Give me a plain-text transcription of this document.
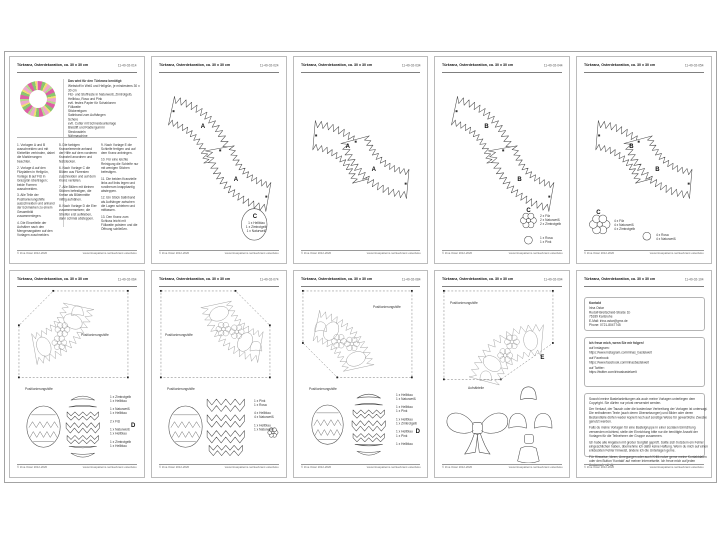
Türkranz, Osterdekoration, ca. 30 x 30 cm	11-40-02-014
Das wird für den Türkranz benötigt:
Webstoff in Weiß und Hellgrün, je mindestens 30 x 30 cm
Filz- und Stoffreste in Naturweiß, Zimtrotgelb, Hellblau, Rosa und Pink
evtl. festes Papier für Schablonen
Füllwatte
Stickereigarn
Satinband zum Aufhängen
Schere
evtl. Cutter mit Schneideunterlage
Bleistift und Radiergummi
Stecknadeln
Nähmaschine

1. Vorlagen A und B ausschneiden und mit Klebefilm verbinden, dabei die Markierungen beachten.

2. Vorlage A auf den Filzplatten in Hellgrün, Vorlage B auf Filz in Grasgrün übertragen; beide Formen ausschneiden.

3. Alle Teile der Positionierungshilfe ausschneiden und anhand der Eckmarken zu einem Gesamtbild zusammenlegen.

4. Die Einzelteile der Aufnäher nach den Mengenangaben auf den Vorlagen zuschneiden.

5. Die farbigen Kranzelemente anhand der Hilfe auf dem vorderen Kranzteil anordnen und feststecken.

6. Nach Vorlage C die Blüten aus Filzresten zuschneiden und auf dem Kranz verteilen.

7. Alle Blüten mit kleinen Stichen befestigen, die Kreise als Blütenmitte mittig aufnähen.

8. Nach Vorlage D die Eier zusammensetzen; die Streifen erst aufkleben, dann schmal absteppen.

9. Nach Vorlage E die Schleife fertigen und auf dem Kranz anbringen.

10. Für eine leichte Reinigung die Schleife nur mit wenigen Stichen befestigen.

11. Die beiden Kranzteile links auf links legen und rundherum knappkantig absteppen.

12. Ein Stück Satinband als Aufhänger zwischen die Lagen schieben und mitfassen.

13. Den Kranz zum Schluss leicht mit Füllwatte polstern und die Öffnung schließen.

© Irina Ostar 2012-2020	www.irinaspatterns.net/tuerkranz-osterdeko
Türkranz, Osterdekoration, ca. 30 x 30 cm	11-40-02-024
A
A
C
1 x Hellblau
1 x Zimtrotgelb
1 x Naturweiß
© Irina Ostar 2012-2020	www.irinaspatterns.net/tuerkranz-osterdeko
Türkranz, Osterdekoration, ca. 30 x 30 cm	11-40-02-034
A
A
© Irina Ostar 2012-2020	www.irinaspatterns.net/tuerkranz-osterdeko
Türkranz, Osterdekoration, ca. 30 x 30 cm	11-40-02-044
B
B
C
2 x Filz
2 x Naturweiß
2 x Zimtrotgelb
1 x Rosa
1 x Pink
© Irina Ostar 2012-2020	www.irinaspatterns.net/tuerkranz-osterdeko
Türkranz, Osterdekoration, ca. 30 x 30 cm	11-40-02-054
B
B
C
4 x Filz
4 x Naturweiß
4 x Zimtrotgelb
4 x Rosa
4 x Naturweiß
© Irina Ostar 2012-2020	www.irinaspatterns.net/tuerkranz-osterdeko
Türkranz, Osterdekoration, ca. 30 x 30 cm	11-40-02-064
Positionierungshilfe
Positionierungshilfe
1 x Zimtrotgelb
1 x Hellblau
1 x Naturweiß
1 x Hellblau
2 x Filz
1 x Naturweiß
1 x Hellblau
1 x Zimtrotgelb
1 x Hellblau
D
© Irina Ostar 2012-2020	www.irinaspatterns.net/tuerkranz-osterdeko
Türkranz, Osterdekoration, ca. 30 x 30 cm	11-40-02-074
Positionierungshilfe
Positionierungshilfe
1 x Pink
1 x Rosa
4 x Hellblau
4 x Naturweiß
1 x Hellblau
1 x Naturweiß
© Irina Ostar 2012-2020	www.irinaspatterns.net/tuerkranz-osterdeko
Türkranz, Osterdekoration, ca. 30 x 30 cm	11-40-02-084
Positionierungshilfe
Positionierungshilfe
1 x Hellblau
1 x Naturweiß
1 x Hellblau
1 x Pink
1 x Hellblau
1 x Zimtrotgelb
1 x Hellblau
1 x Pink
1 x Hellblau
D
© Irina Ostar 2012-2020	www.irinaspatterns.net/tuerkranz-osterdeko
Türkranz, Osterdekoration, ca. 30 x 30 cm	11-40-02-094
Positionierungshilfe
Aufnähteile
E
© Irina Ostar 2012-2020	www.irinaspatterns.net/tuerkranz-osterdeko
Türkranz, Osterdekoration, ca. 30 x 30 cm	11-40-02-104
Kontakt
Irina Ostar
Rudolf-Breitscheid-Straße 1b
76189 Karlsruhe
E-Mail: irina.ostar@gmx.de
Phone: 0721-8047745
Ich freue mich, wenn Sie mir folgen!
auf Instagram:
https://www.instagram.com/irinas_bastelwelt
auf Facebook:
https://www.facebook.com/irinasbastelwelt
auf Twitter:
https://twitter.com/irinasbastelwelt

Sowohl meine Bastelanleitungen als auch meine Vorlagen unterliegen dem Copyright. Sie dürfen nur privat verwendet werden.

Der Verkauf, der Tausch oder die kostenlose Verbreitung der Vorlagen ist untersagt. Die enthaltenen Texte (auch deren Übersetzungen) und Bilder oder deren Bestandteile dürfen weder kopiert noch auf sonstige Weise für gewerbliche Zwecke genutzt werden.

Falls du meine Vorlagen für eine Bastelgruppe in einer sozialen Einrichtung verwenden möchtest, stelle der Einrichtung bitte nur die benötigte Anzahl der Vorlagen für die Teilnehmer der Gruppe zusammen.

Ich habe alle Angaben mit großer Sorgfalt geprüft. Sollte sich trotzdem ein Fehler eingeschlichen haben, übernehme ich dafür keine Haftung. Wenn du mich auf einen entdeckten Fehler hinweist, ändere ich die Unterlagen gerne.

Für Hinweise, Ideen, Anregungen oder auch Kritik nutze gerne meine Kontaktdaten oder den Button 'Kontakt' auf meiner Internetseite. Ich freue mich auf jeden Austausch mit dir.

© Irina Ostar 2012-2020	www.irinaspatterns.net/tuerkranz-osterdeko
